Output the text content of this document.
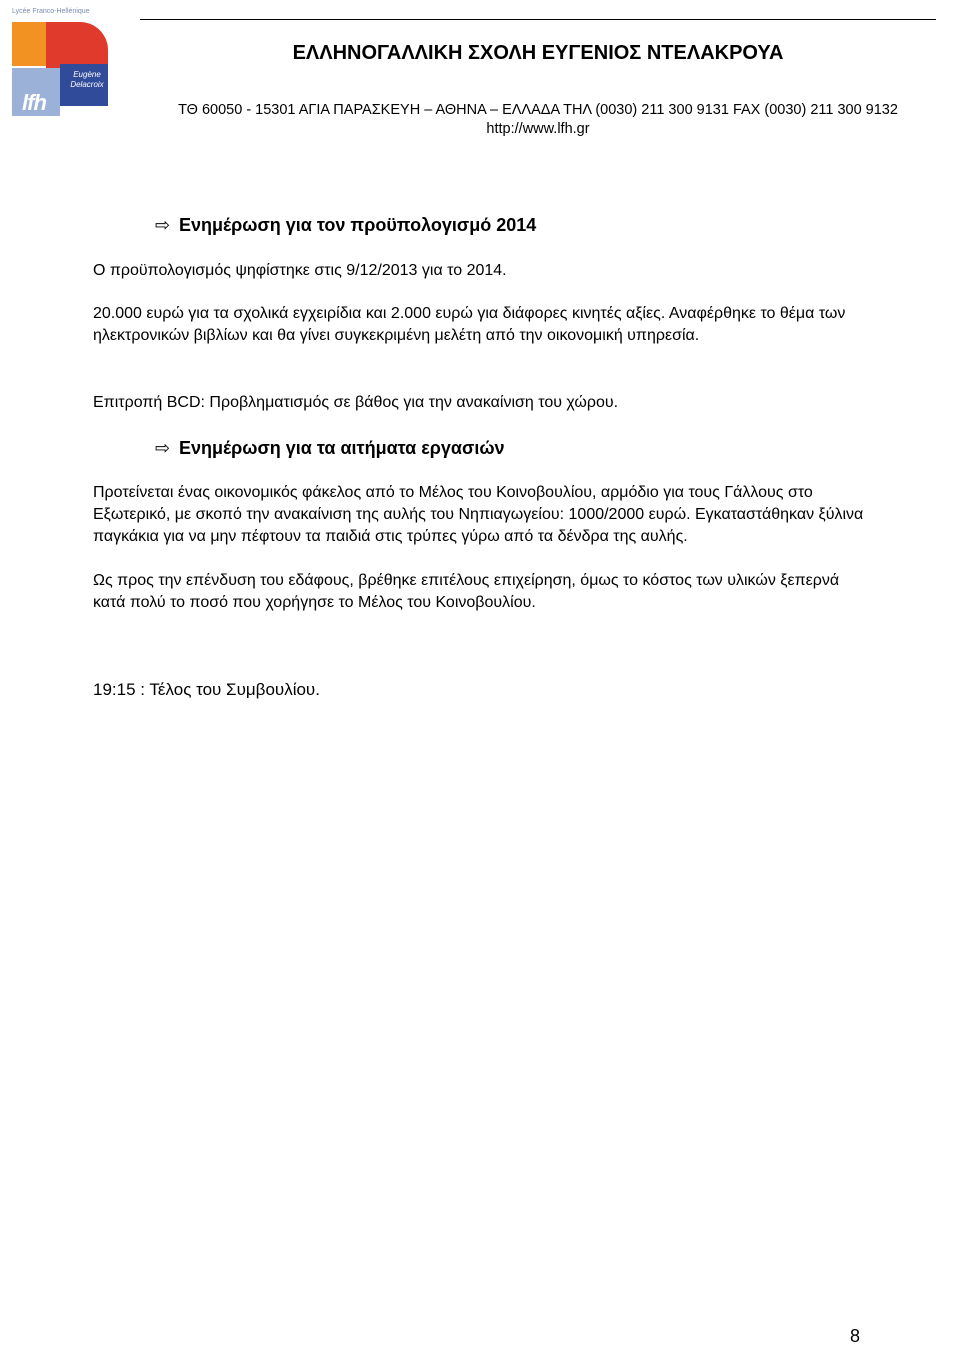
Eugène
Delacroix
lfh
Lycée Franco-Hellénique
ΕΛΛΗΝΟΓΑΛΛΙΚΗ ΣΧΟΛΗ ΕΥΓΕΝΙΟΣ ΝΤΕΛΑΚΡΟΥΑ
ΤΘ 60050 - 15301 ΑΓΙΑ ΠΑΡΑΣΚΕΥΗ – ΑΘΗΝΑ – ΕΛΛΑΔΑ ΤΗΛ (0030) 211 300 9131 FAX (0030) 211 300 9132
http://www.lfh.gr
⇨ Ενημέρωση για τον προϋπολογισμό 2014
Ο προϋπολογισμός ψηφίστηκε στις 9/12/2013 για το 2014.
20.000 ευρώ για τα σχολικά εγχειρίδια και 2.000 ευρώ για διάφορες κινητές αξίες. Αναφέρθηκε το θέμα των ηλεκτρονικών βιβλίων και θα γίνει συγκεκριμένη μελέτη από την οικονομική υπηρεσία.
Επιτροπή BCD: Προβληματισμός σε βάθος για την ανακαίνιση του χώρου.
⇨ Ενημέρωση για τα αιτήματα εργασιών
Προτείνεται ένας οικονομικός φάκελος από το Μέλος του Κοινοβουλίου, αρμόδιο για τους Γάλλους στο Εξωτερικό, με σκοπό την ανακαίνιση της αυλής του Νηπιαγωγείου: 1000/2000 ευρώ. Εγκαταστάθηκαν ξύλινα παγκάκια για να μην πέφτουν τα παιδιά στις τρύπες γύρω από τα δένδρα της αυλής.
Ως προς την επένδυση του εδάφους, βρέθηκε επιτέλους επιχείρηση, όμως το κόστος των υλικών ξεπερνά κατά πολύ το ποσό που χορήγησε το Μέλος του Κοινοβουλίου.
19:15 : Τέλος του Συμβουλίου.
8
